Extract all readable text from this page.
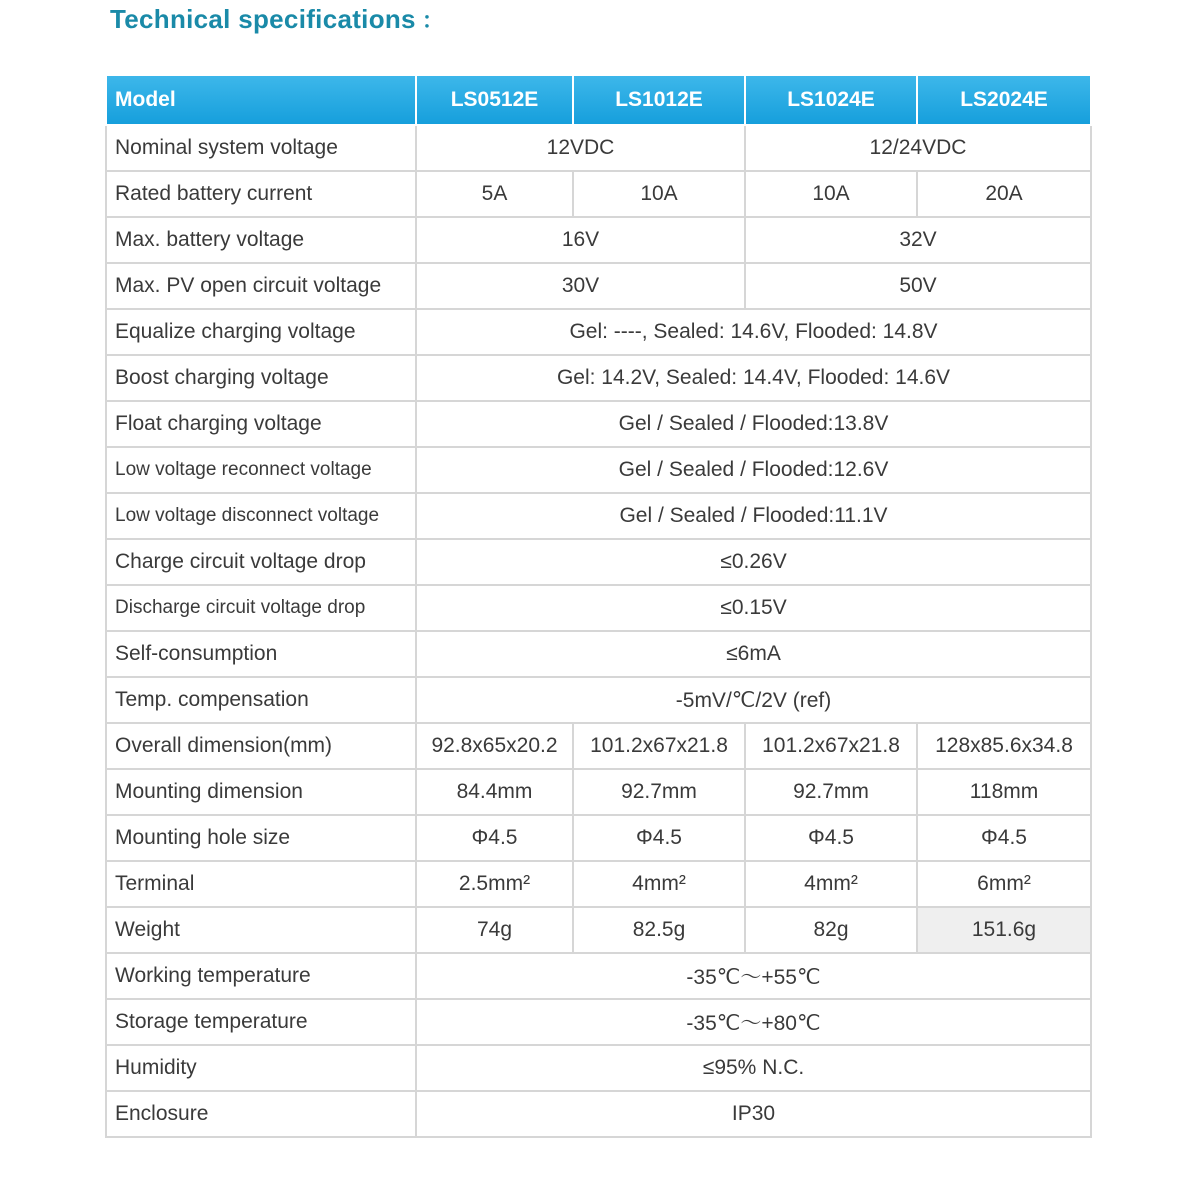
Technical specifications ：
Model	LS0512E	LS1012E	LS1024E	LS2024E
Nominal system voltage	12VDC		12/24VDC	
Rated battery current	5A	10A	10A	20A
Max. battery voltage	16V		32V	
Max. PV open circuit voltage	30V		50V	
Equalize charging voltage	Gel: ----, Sealed: 14.6V, Flooded: 14.8V			
Boost charging voltage	Gel: 14.2V, Sealed: 14.4V, Flooded: 14.6V			
Float charging voltage	Gel / Sealed / Flooded:13.8V			
Low voltage reconnect voltage	Gel / Sealed / Flooded:12.6V			
Low voltage disconnect voltage	Gel / Sealed / Flooded:11.1V			
Charge circuit voltage drop	≤0.26V			
Discharge circuit voltage drop	≤0.15V			
Self-consumption	≤6mA			
Temp. compensation	-5mV/℃/2V (ref)			
Overall dimension(mm)	92.8x65x20.2	101.2x67x21.8	101.2x67x21.8	128x85.6x34.8
Mounting dimension	84.4mm	92.7mm	92.7mm	118mm
Mounting hole size	Φ4.5	Φ4.5	Φ4.5	Φ4.5
Terminal	2.5mm²	4mm²	4mm²	6mm²
Weight	74g	82.5g	82g	151.6g
Working temperature	-35℃～+55℃			
Storage temperature	-35℃～+80℃			
Humidity	≤95% N.C.			
Enclosure	IP30			
